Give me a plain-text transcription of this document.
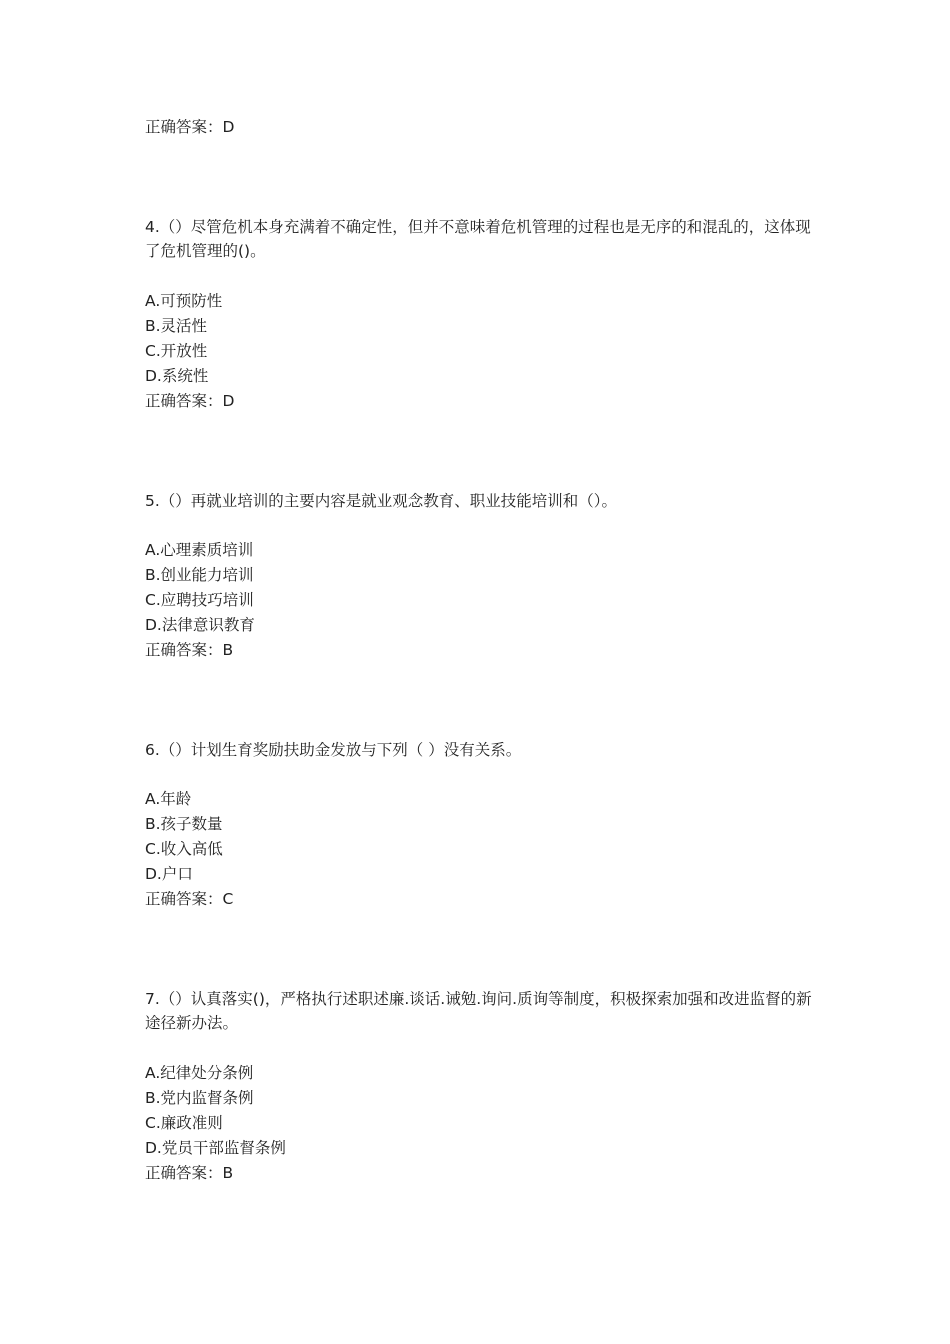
正确答案：D
4.（）尽管危机本身充满着不确定性，但并不意味着危机管理的过程也是无序的和混乱的，这体现了危机管理的()。
A.可预防性
B.灵活性
C.开放性
D.系统性
正确答案：D
5.（）再就业培训的主要内容是就业观念教育、职业技能培训和（）。
A.心理素质培训
B.创业能力培训
C.应聘技巧培训
D.法律意识教育
正确答案：B
6.（）计划生育奖励扶助金发放与下列（ ）没有关系。
A.年龄
B.孩子数量
C.收入高低
D.户口
正确答案：C
7.（）认真落实()，严格执行述职述廉.谈话.诫勉.询问.质询等制度，积极探索加强和改进监督的新途径新办法。
A.纪律处分条例
B.党内监督条例
C.廉政准则
D.党员干部监督条例
正确答案：B
